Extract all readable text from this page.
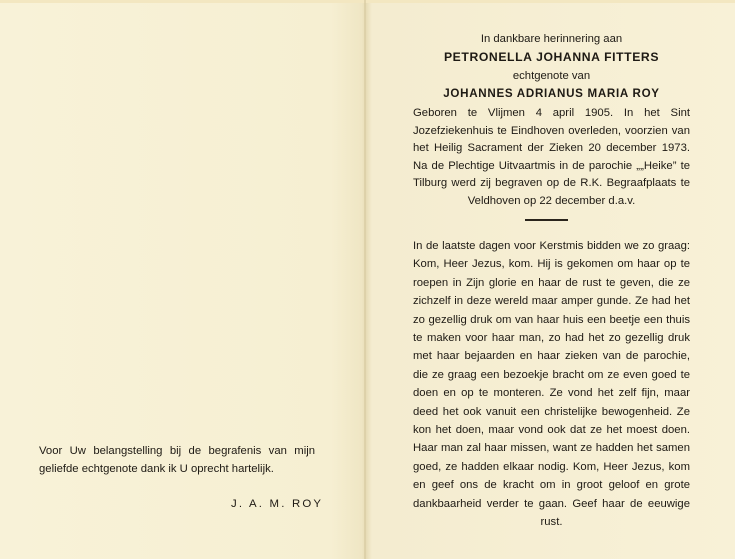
Voor Uw belangstelling bij de begrafenis van mijn geliefde echtgenote dank ik U oprecht hartelijk.

J. A. M. ROY
In dankbare herinnering aan
PETRONELLA JOHANNA FITTERS
echtgenote van
JOHANNES ADRIANUS MARIA ROY

Geboren te Vlijmen 4 april 1905. In het Sint Jozefziekenhuis te Eindhoven overleden, voorzien van het Heilig Sacrament der Zieken 20 december 1973. Na de Plechtige Uitvaartmis in de parochie „„Heike” te Tilburg werd zij begraven op de R.K. Begraafplaats te Veldhoven op 22 december d.a.v.

In de laatste dagen voor Kerstmis bidden we zo graag: Kom, Heer Jezus, kom. Hij is gekomen om haar op te roepen in Zijn glorie en haar de rust te geven, die ze zichzelf in deze wereld maar amper gunde. Ze had het zo gezellig druk om van haar huis een beetje een thuis te maken voor haar man, zo had het zo gezellig druk met haar bejaarden en haar zieken van de parochie, die ze graag een bezoekje bracht om ze even goed te doen en op te monteren. Ze vond het zelf fijn, maar deed het ook vanuit een christelijke bewogenheid. Ze kon het doen, maar vond ook dat ze het moest doen. Haar man zal haar missen, want ze hadden het samen goed, ze hadden elkaar nodig. Kom, Heer Jezus, kom en geef ons de kracht om in groot geloof en grote dankbaarheid verder te gaan. Geef haar de eeuwige rust.
